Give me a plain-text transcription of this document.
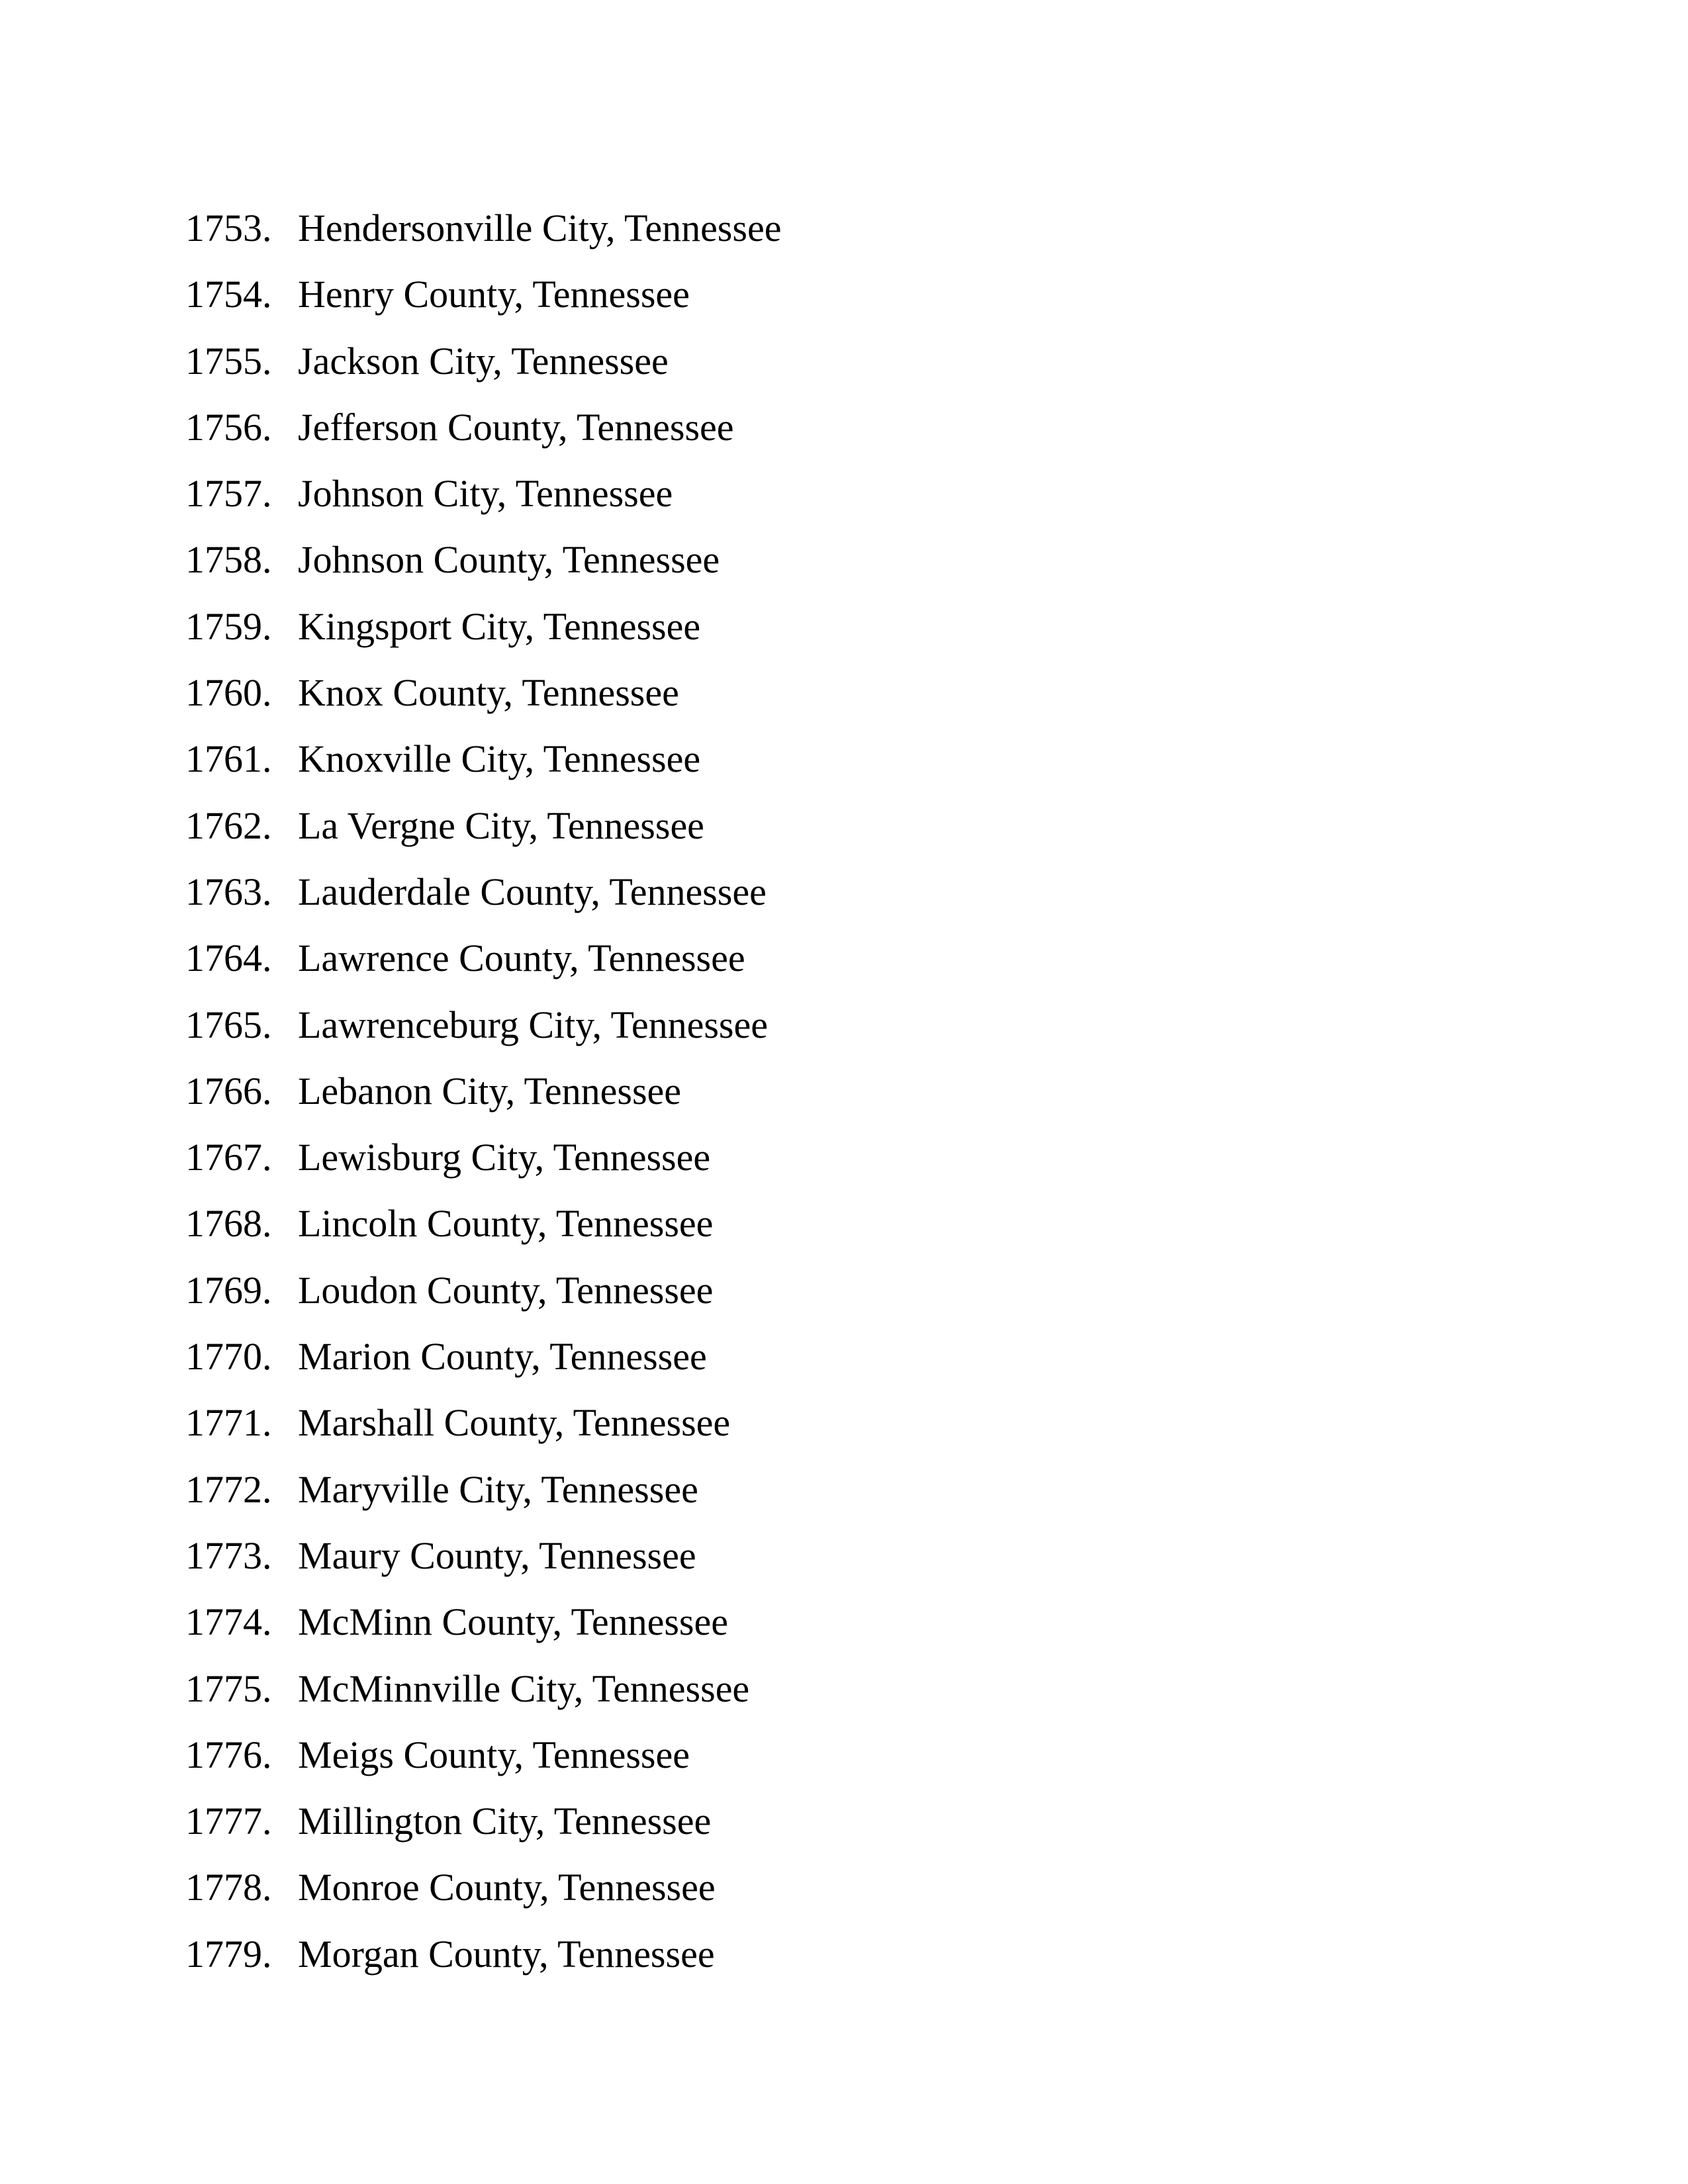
1753. Hendersonville City, Tennessee
1754. Henry County, Tennessee
1755. Jackson City, Tennessee
1756. Jefferson County, Tennessee
1757. Johnson City, Tennessee
1758. Johnson County, Tennessee
1759. Kingsport City, Tennessee
1760. Knox County, Tennessee
1761. Knoxville City, Tennessee
1762. La Vergne City, Tennessee
1763. Lauderdale County, Tennessee
1764. Lawrence County, Tennessee
1765. Lawrenceburg City, Tennessee
1766. Lebanon City, Tennessee
1767. Lewisburg City, Tennessee
1768. Lincoln County, Tennessee
1769. Loudon County, Tennessee
1770. Marion County, Tennessee
1771. Marshall County, Tennessee
1772. Maryville City, Tennessee
1773. Maury County, Tennessee
1774. McMinn County, Tennessee
1775. McMinnville City, Tennessee
1776. Meigs County, Tennessee
1777. Millington City, Tennessee
1778. Monroe County, Tennessee
1779. Morgan County, Tennessee
